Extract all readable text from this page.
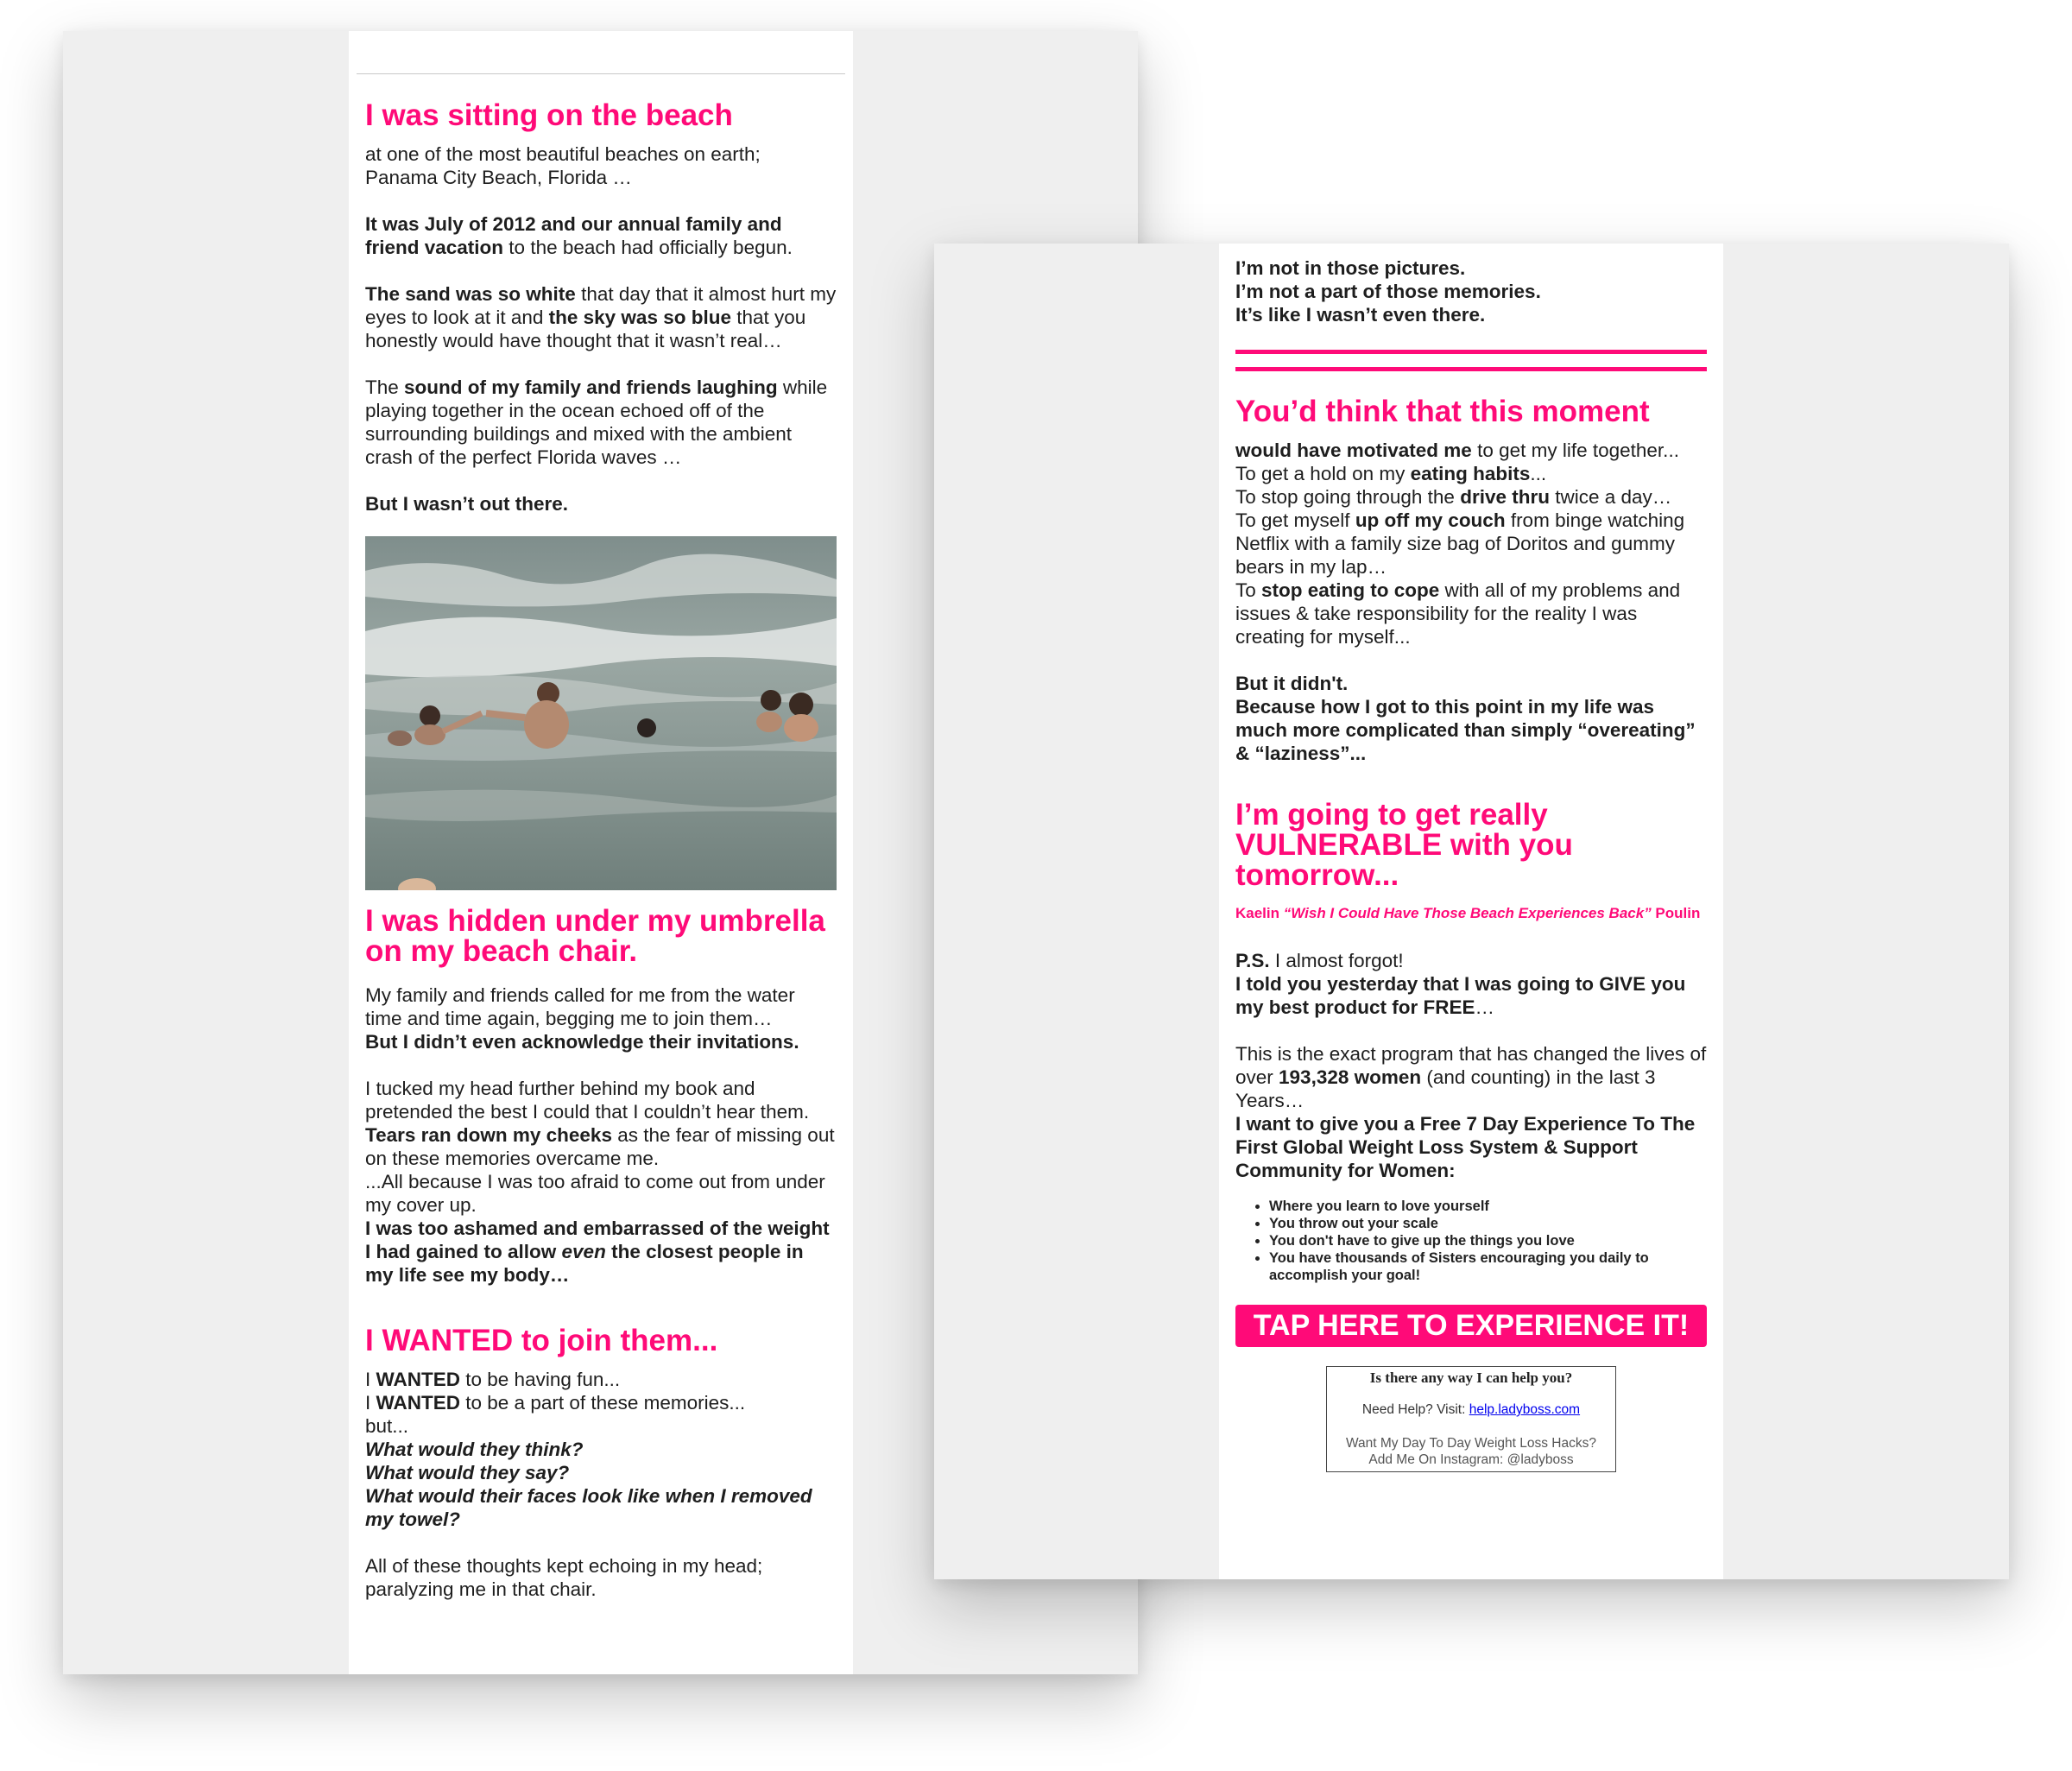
I was sitting on the beach

at one of the most beautiful beaches on earth; Panama City Beach, Florida …

It was July of 2012 and our annual family and friend vacation to the beach had officially begun.

The sand was so white that day that it almost hurt my eyes to look at it and the sky was so blue that you honestly would have thought that it wasn’t real…

The sound of my family and friends laughing while playing together in the ocean echoed off of the surrounding buildings and mixed with the ambient crash of the perfect Florida waves …

But I wasn’t out there.

I was hidden under my umbrella on my beach chair.

My family and friends called for me from the water time and time again, begging me to join them…
But I didn’t even acknowledge their invitations.

I tucked my head further behind my book and pretended the best I could that I couldn’t hear them. Tears ran down my cheeks as the fear of missing out on these memories overcame me.
...All because I was too afraid to come out from under my cover up.
I was too ashamed and embarrassed of the weight I had gained to allow even the closest people in my life see my body…

I WANTED to join them...

I WANTED to be having fun...
I WANTED to be a part of these memories...
but...
What would they think?
What would they say?
What would their faces look like when I removed my towel?

All of these thoughts kept echoing in my head; paralyzing me in that chair.

I’m not in those pictures.
I’m not a part of those memories.
It’s like I wasn’t even there.

You’d think that this moment

would have motivated me to get my life together...
To get a hold on my eating habits...
To stop going through the drive thru twice a day…
To get myself up off my couch from binge watching Netflix with a family size bag of Doritos and gummy bears in my lap…
To stop eating to cope with all of my problems and issues & take responsibility for the reality I was creating for myself...

But it didn't.
Because how I got to this point in my life was much more complicated than simply “overeating” & “laziness”...

I’m going to get really VULNERABLE with you tomorrow...
Kaelin “Wish I Could Have Those Beach Experiences Back” Poulin

P.S. I almost forgot!
I told you yesterday that I was going to GIVE you my best product for FREE…

This is the exact program that has changed the lives of over 193,328 women (and counting) in the last 3 Years…
I want to give you a Free 7 Day Experience To The First Global Weight Loss System & Support Community for Women:

• Where you learn to love yourself
• You throw out your scale
• You don't have to give up the things you love
• You have thousands of Sisters encouraging you daily to accomplish your goal!
TAP HERE TO EXPERIENCE IT!
Is there any way I can help you?
Need Help? Visit: help.ladyboss.com
Want My Day To Day Weight Loss Hacks?
Add Me On Instagram: @ladyboss
